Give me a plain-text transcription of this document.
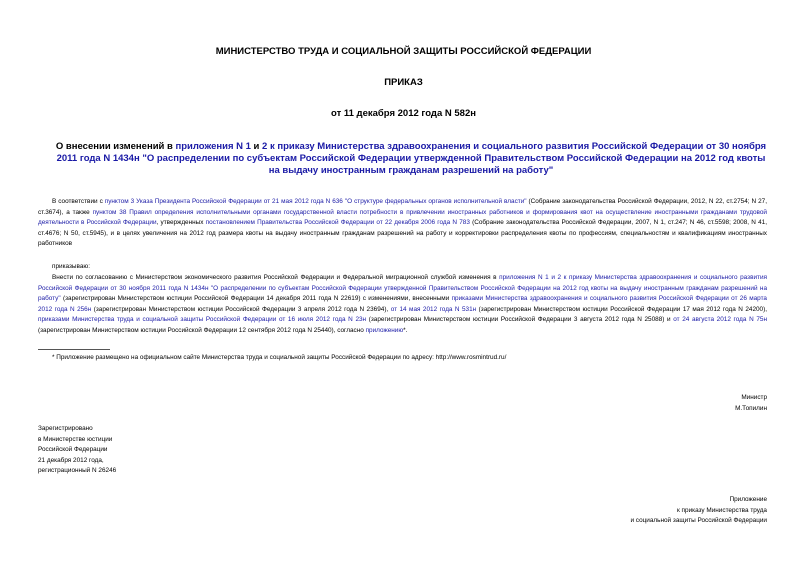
МИНИСТЕРСТВО ТРУДА И СОЦИАЛЬНОЙ ЗАЩИТЫ РОССИЙСКОЙ ФЕДЕРАЦИИ
ПРИКАЗ
от 11 декабря 2012 года N 582н
О внесении изменений в приложения N 1 и 2 к приказу Министерства здравоохранения и социального развития Российской Федерации от 30 ноября 2011 года N 1434н "О распределении по субъектам Российской Федерации утвержденной Правительством Российской Федерации на 2012 год квоты на выдачу иностранным гражданам разрешений на работу"
В соответствии с пунктом 3 Указа Президента Российской Федерации от 21 мая 2012 года N 636 "О структуре федеральных органов исполнительной власти" (Собрание законодательства Российской Федерации, 2012, N 22, ст.2754; N 27, ст.3674), а также пунктом 38 Правил определения исполнительными органами государственной власти потребности в привлечении иностранных работников и формирования квот на осуществление иностранными гражданами трудовой деятельности в Российской Федерации, утвержденных постановлением Правительства Российской Федерации от 22 декабря 2006 года N 783 (Собрание законодательства Российской Федерации, 2007, N 1, ст.247; N 46, ст.5598; 2008, N 41, ст.4676; N 50, ст.5945), и в целях увеличения на 2012 год размера квоты на выдачу иностранным гражданам разрешений на работу и корректировки распределения квоты по профессиям, специальностям и квалификациям иностранных работников
приказываю:
Внести по согласованию с Министерством экономического развития Российской Федерации и Федеральной миграционной службой изменения в приложения N 1 и 2 к приказу Министерства здравоохранения и социального развития Российской Федерации от 30 ноября 2011 года N 1434н "О распределении по субъектам Российской Федерации утвержденной Правительством Российской Федерации на 2012 год квоты на выдачу иностранным гражданам разрешений на работу" (зарегистрирован Министерством юстиции Российской Федерации 14 декабря 2011 года N 22619) с изменениями, внесенными приказами Министерства здравоохранения и социального развития Российской Федерации от 26 марта 2012 года N 256н (зарегистрирован Министерством юстиции Российской Федерации 3 апреля 2012 года N 23694), от 14 мая 2012 года N 531н (зарегистрирован Министерством юстиции Российской Федерации 17 мая 2012 года N 24200), приказами Министерства труда и социальной защиты Российской Федерации от 16 июля 2012 года N 23н (зарегистрирован Министерством юстиции Российской Федерации 3 августа 2012 года N 25088) и от 24 августа 2012 года N 75н (зарегистрирован Министерством юстиции Российской Федерации 12 сентября 2012 года N 25440), согласно приложению*.
* Приложение размещено на официальном сайте Министерства труда и социальной защиты Российской Федерации по адресу: http://www.rosmintrud.ru/
Министр
М.Топилин
Зарегистрировано
в Министерстве юстиции
Российской Федерации
21 декабря 2012 года,
регистрационный N 26246
Приложение
к приказу Министерства труда
и социальной защиты Российской Федерации
